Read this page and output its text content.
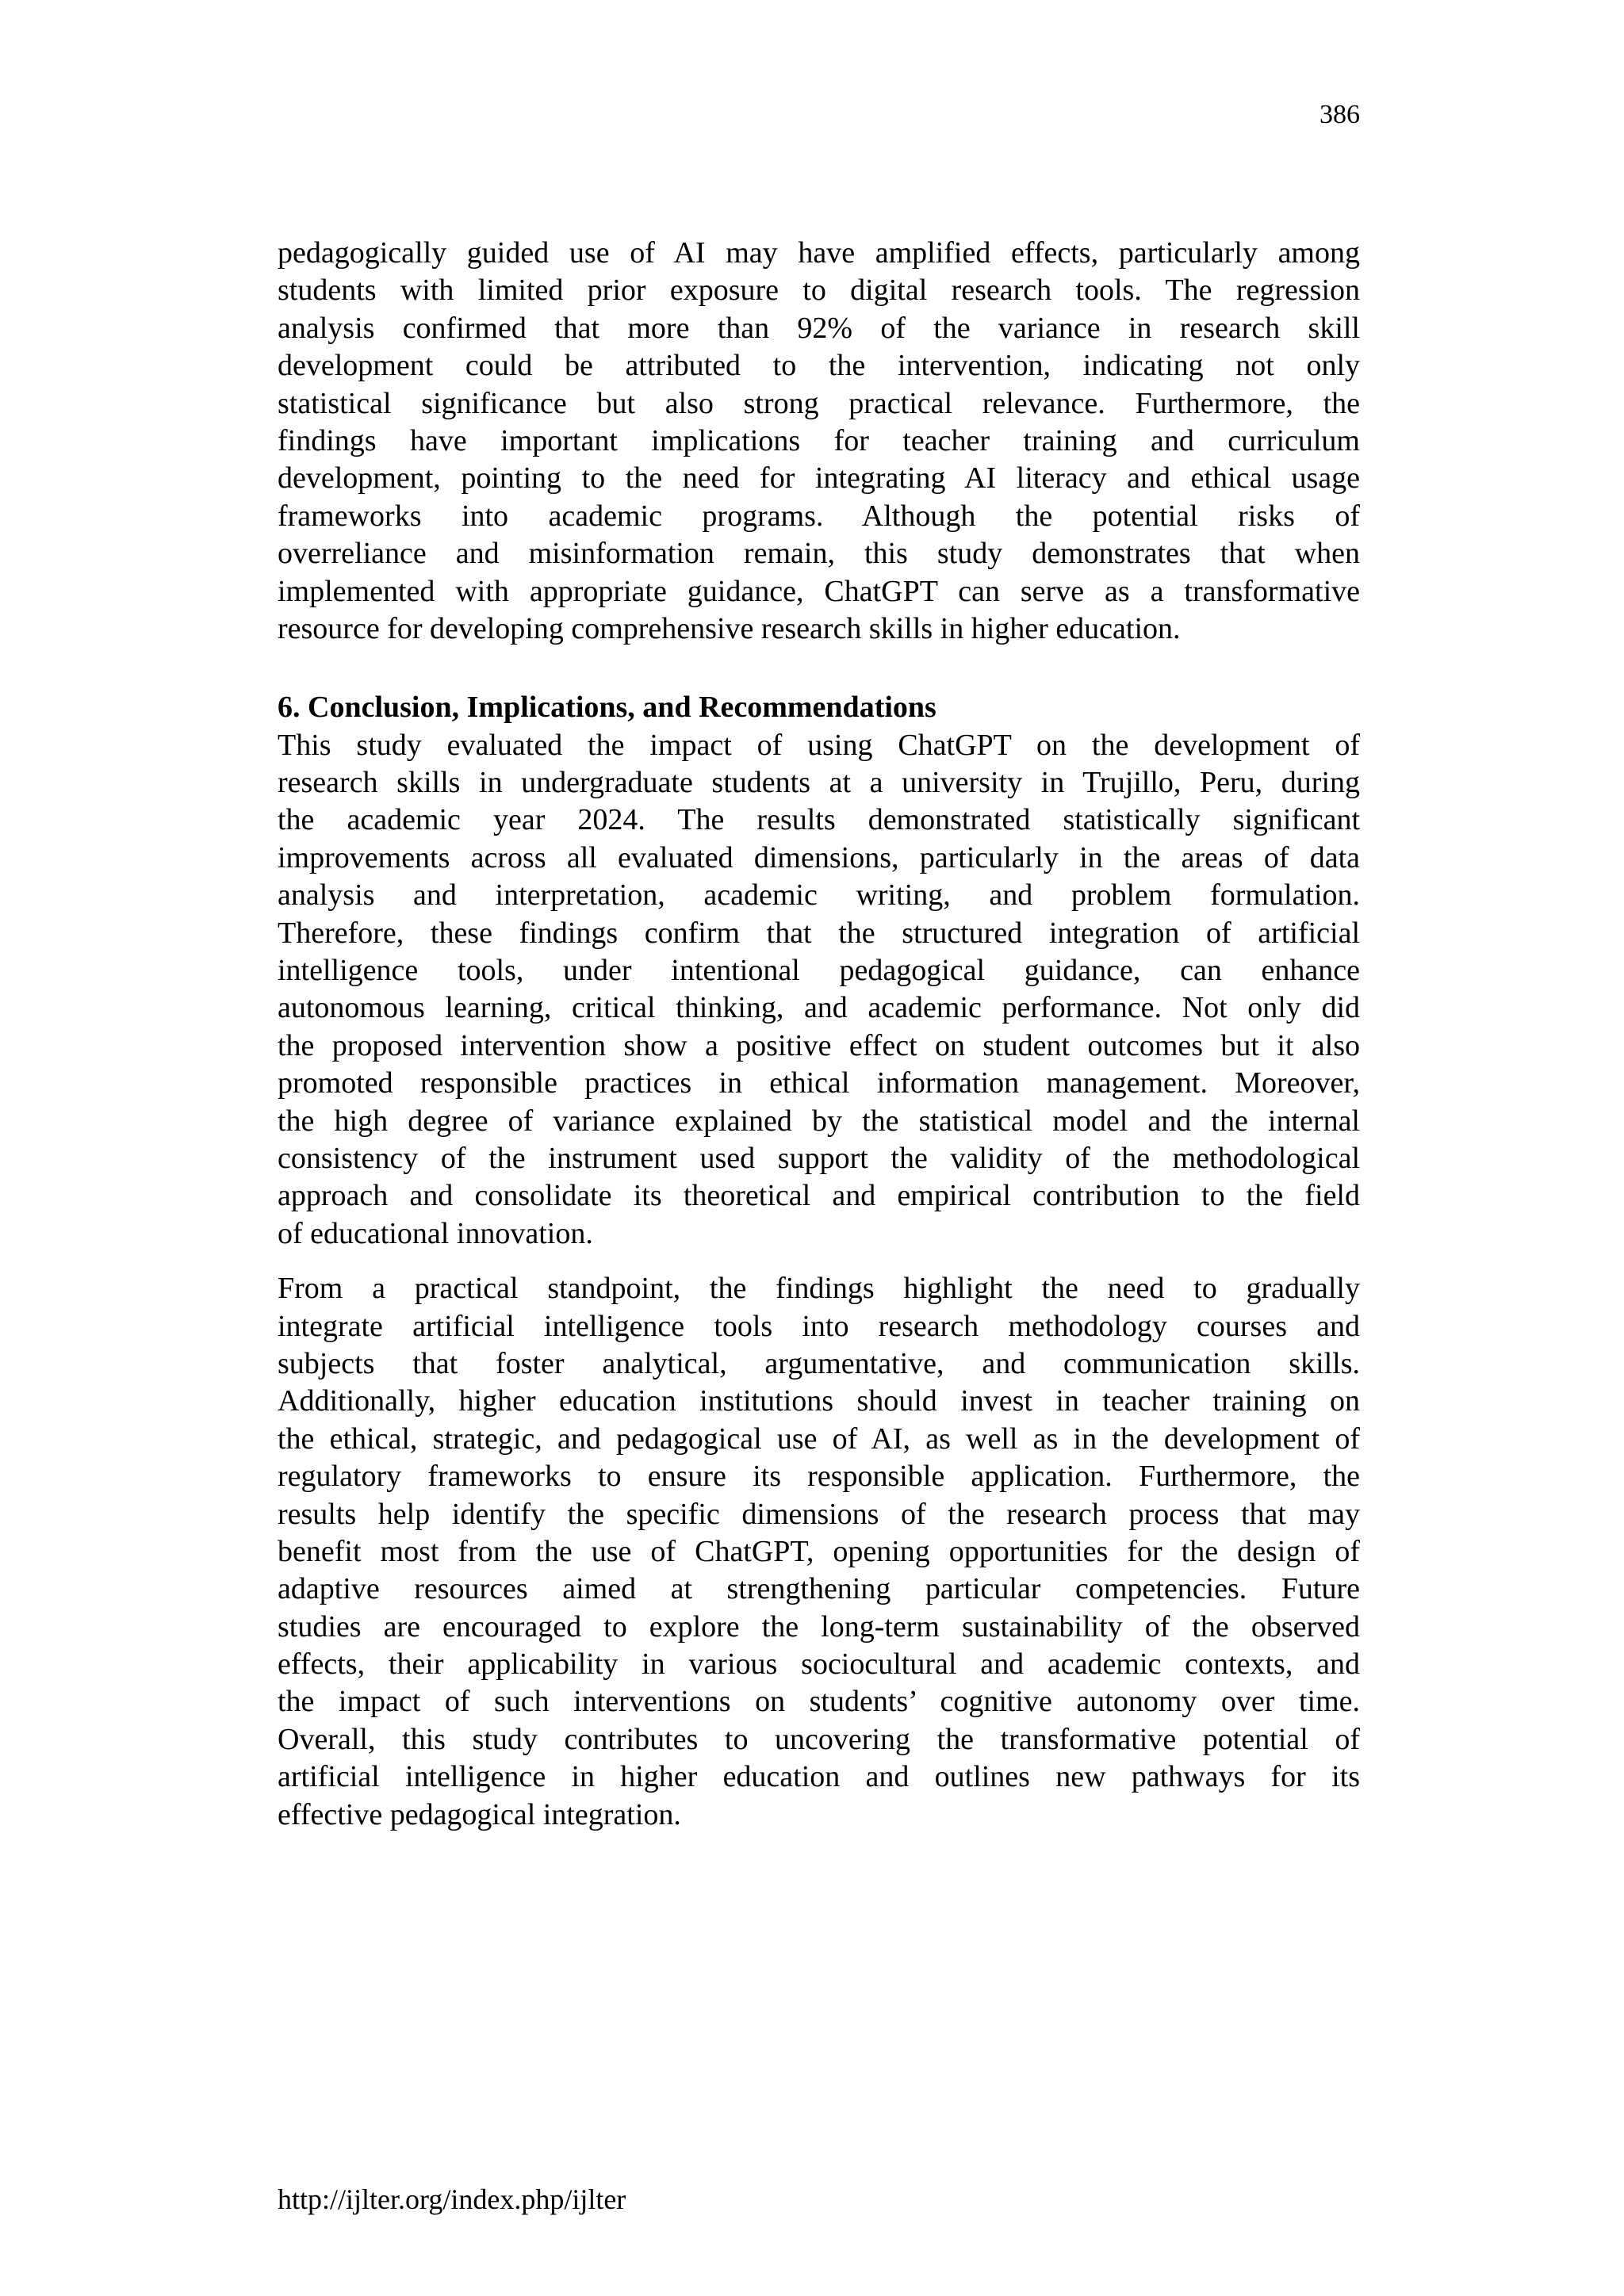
386
pedagogically guided use of AI may have amplified effects, particularly among
students with limited prior exposure to digital research tools. The regression
analysis confirmed that more than 92% of the variance in research skill
development could be attributed to the intervention, indicating not only
statistical significance but also strong practical relevance. Furthermore, the
findings have important implications for teacher training and curriculum
development, pointing to the need for integrating AI literacy and ethical usage
frameworks into academic programs. Although the potential risks of
overreliance and misinformation remain, this study demonstrates that when
implemented with appropriate guidance, ChatGPT can serve as a transformative
resource for developing comprehensive research skills in higher education.
6. Conclusion, Implications, and Recommendations
This study evaluated the impact of using ChatGPT on the development of
research skills in undergraduate students at a university in Trujillo, Peru, during
the academic year 2024. The results demonstrated statistically significant
improvements across all evaluated dimensions, particularly in the areas of data
analysis and interpretation, academic writing, and problem formulation.
Therefore, these findings confirm that the structured integration of artificial
intelligence tools, under intentional pedagogical guidance, can enhance
autonomous learning, critical thinking, and academic performance. Not only did
the proposed intervention show a positive effect on student outcomes but it also
promoted responsible practices in ethical information management. Moreover,
the high degree of variance explained by the statistical model and the internal
consistency of the instrument used support the validity of the methodological
approach and consolidate its theoretical and empirical contribution to the field
of educational innovation.
From a practical standpoint, the findings highlight the need to gradually
integrate artificial intelligence tools into research methodology courses and
subjects that foster analytical, argumentative, and communication skills.
Additionally, higher education institutions should invest in teacher training on
the ethical, strategic, and pedagogical use of AI, as well as in the development of
regulatory frameworks to ensure its responsible application. Furthermore, the
results help identify the specific dimensions of the research process that may
benefit most from the use of ChatGPT, opening opportunities for the design of
adaptive resources aimed at strengthening particular competencies. Future
studies are encouraged to explore the long-term sustainability of the observed
effects, their applicability in various sociocultural and academic contexts, and
the impact of such interventions on students’ cognitive autonomy over time.
Overall, this study contributes to uncovering the transformative potential of
artificial intelligence in higher education and outlines new pathways for its
effective pedagogical integration.
http://ijlter.org/index.php/ijlter
